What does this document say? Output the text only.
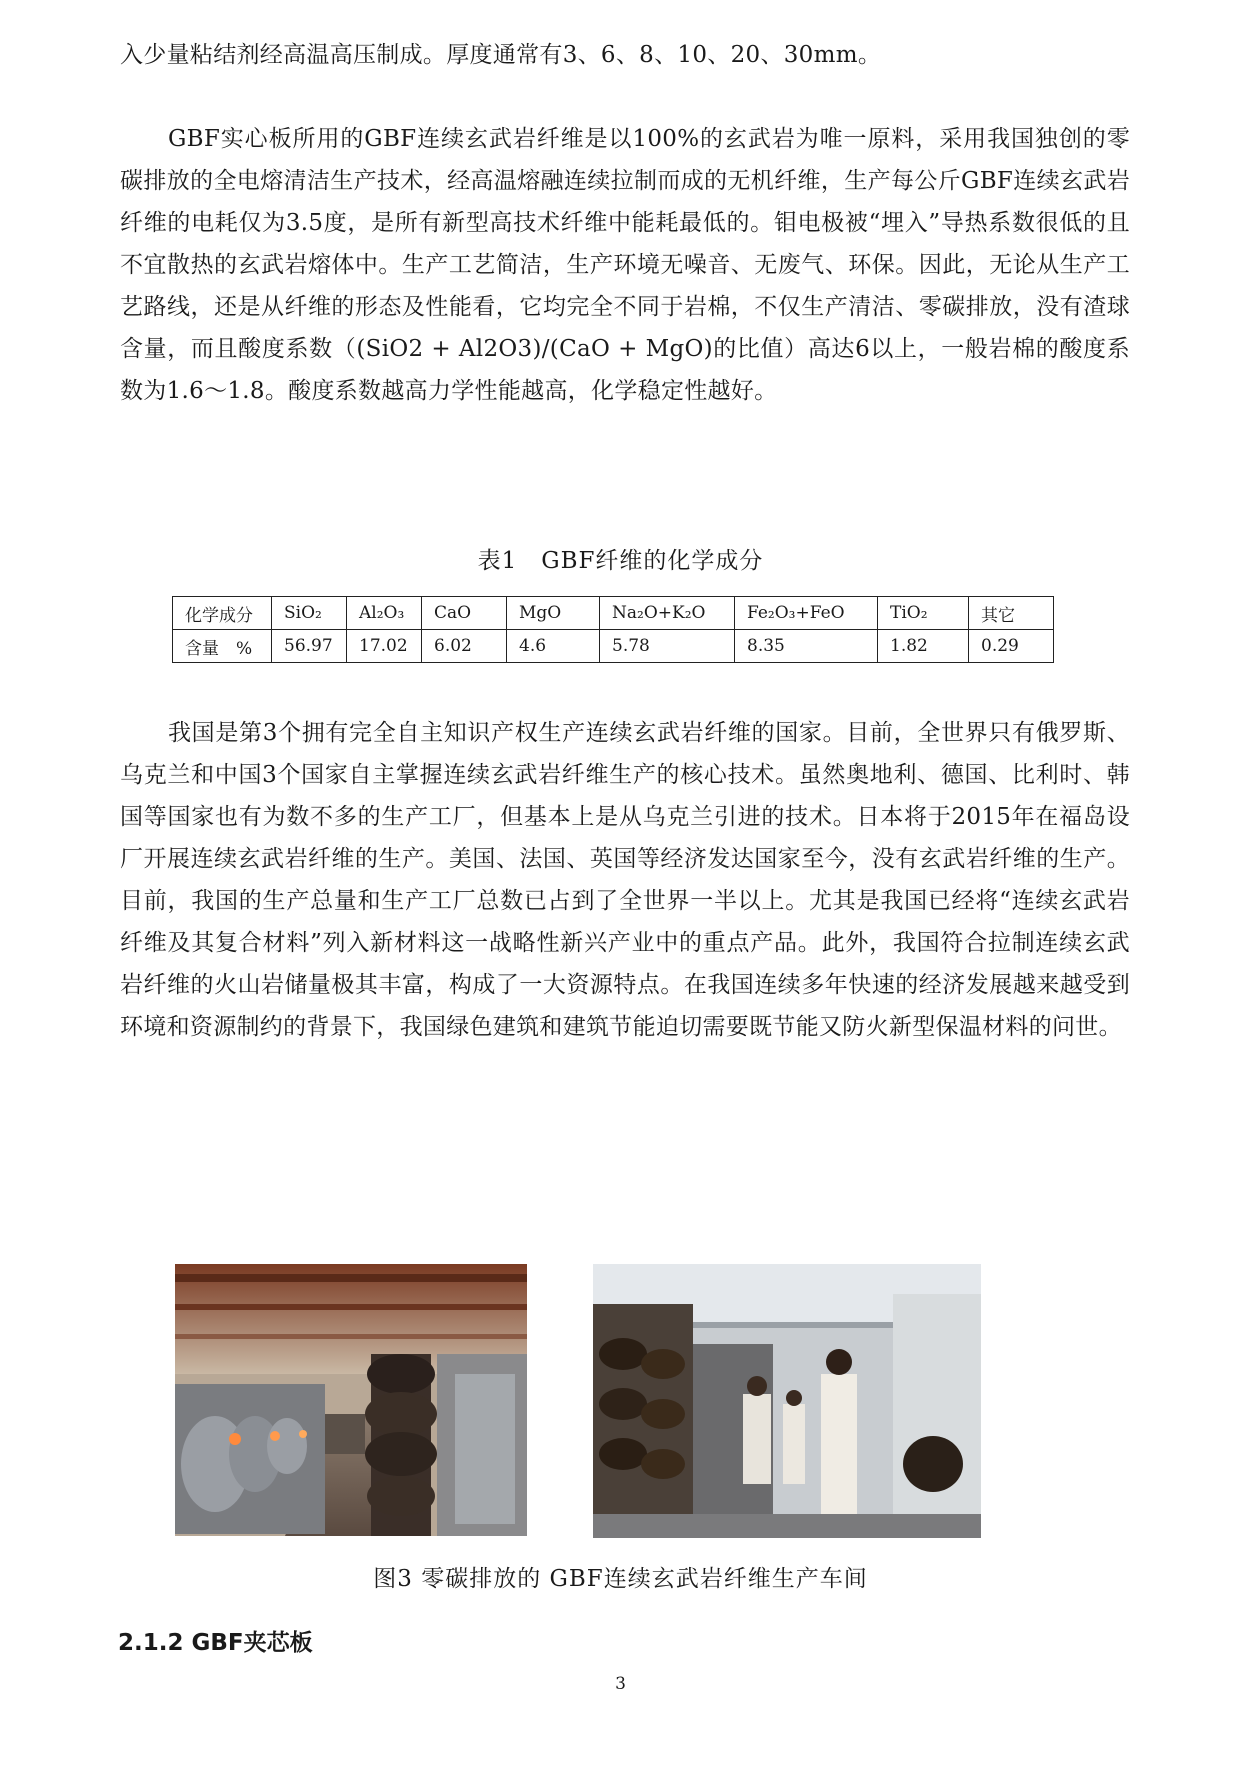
入少量粘结剂经高温高压制成。厚度通常有3、6、8、10、20、30mm。

GBF实心板所用的GBF连续玄武岩纤维是以100%的玄武岩为唯一原料，采用我国独创的零碳排放的全电熔清洁生产技术，经高温熔融连续拉制而成的无机纤维，生产每公斤GBF连续玄武岩纤维的电耗仅为3.5度，是所有新型高技术纤维中能耗最低的。钼电极被“埋入”导热系数很低的且不宜散热的玄武岩熔体中。生产工艺简洁，生产环境无噪音、无废气、环保。因此，无论从生产工艺路线，还是从纤维的形态及性能看，它均完全不同于岩棉，不仅生产清洁、零碳排放，没有渣球含量，而且酸度系数（(SiO2 + Al2O3)/(CaO + MgO)的比值）高达6以上，一般岩棉的酸度系数为1.6～1.8。酸度系数越高力学性能越高，化学稳定性越好。

表1　GBF纤维的化学成分
化学成分	SiO₂	Al₂O₃	CaO	MgO	Na₂O+K₂O	Fe₂O₃+FeO	TiO₂	其它
含量　%	56.97	17.02	6.02	4.6	5.78	8.35	1.82	0.29

我国是第3个拥有完全自主知识产权生产连续玄武岩纤维的国家。目前，全世界只有俄罗斯、乌克兰和中国3个国家自主掌握连续玄武岩纤维生产的核心技术。虽然奥地利、德国、比利时、韩国等国家也有为数不多的生产工厂，但基本上是从乌克兰引进的技术。日本将于2015年在福岛设厂开展连续玄武岩纤维的生产。美国、法国、英国等经济发达国家至今，没有玄武岩纤维的生产。目前，我国的生产总量和生产工厂总数已占到了全世界一半以上。尤其是我国已经将“连续玄武岩纤维及其复合材料”列入新材料这一战略性新兴产业中的重点产品。此外，我国符合拉制连续玄武岩纤维的火山岩储量极其丰富，构成了一大资源特点。在我国连续多年快速的经济发展越来越受到环境和资源制约的背景下，我国绿色建筑和建筑节能迫切需要既节能又防火新型保温材料的问世。

图3 零碳排放的 GBF连续玄武岩纤维生产车间
2.1.2 GBF夹芯板
3
